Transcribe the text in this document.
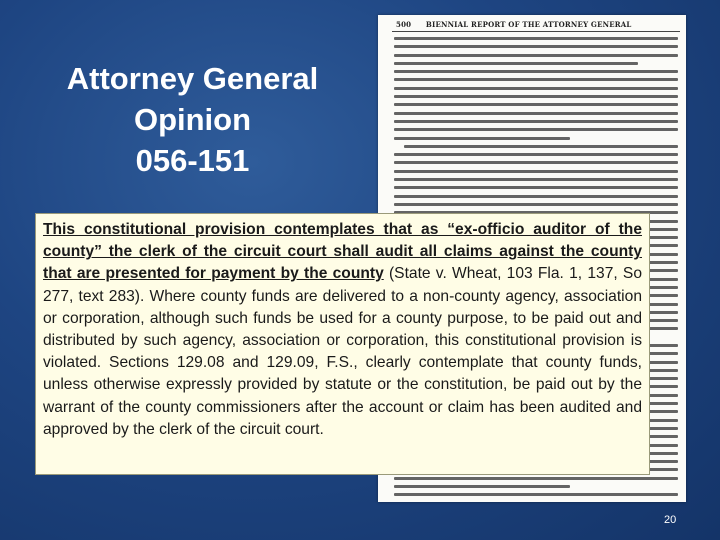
Attorney General
Opinion
056-151
500 BIENNIAL REPORT OF THE ATTORNEY GENERAL
This constitutional provision contemplates that as “ex-officio auditor of the county” the clerk of the circuit court shall audit all claims against the county that are presented for payment by the county (State v. Wheat, 103 Fla. 1, 137, So 277, text 283). Where county funds are delivered to a non-county agency, association or corporation, although such funds be used for a county purpose, to be paid out and distributed by such agency, association or corporation, this constitutional provision is violated. Sections 129.08 and 129.09, F.S., clearly contemplate that county funds, unless otherwise expressly provided by statute or the constitution, be paid out by the warrant of the county commissioners after the account or claim has been audited and approved by the clerk of the circuit court.
20
